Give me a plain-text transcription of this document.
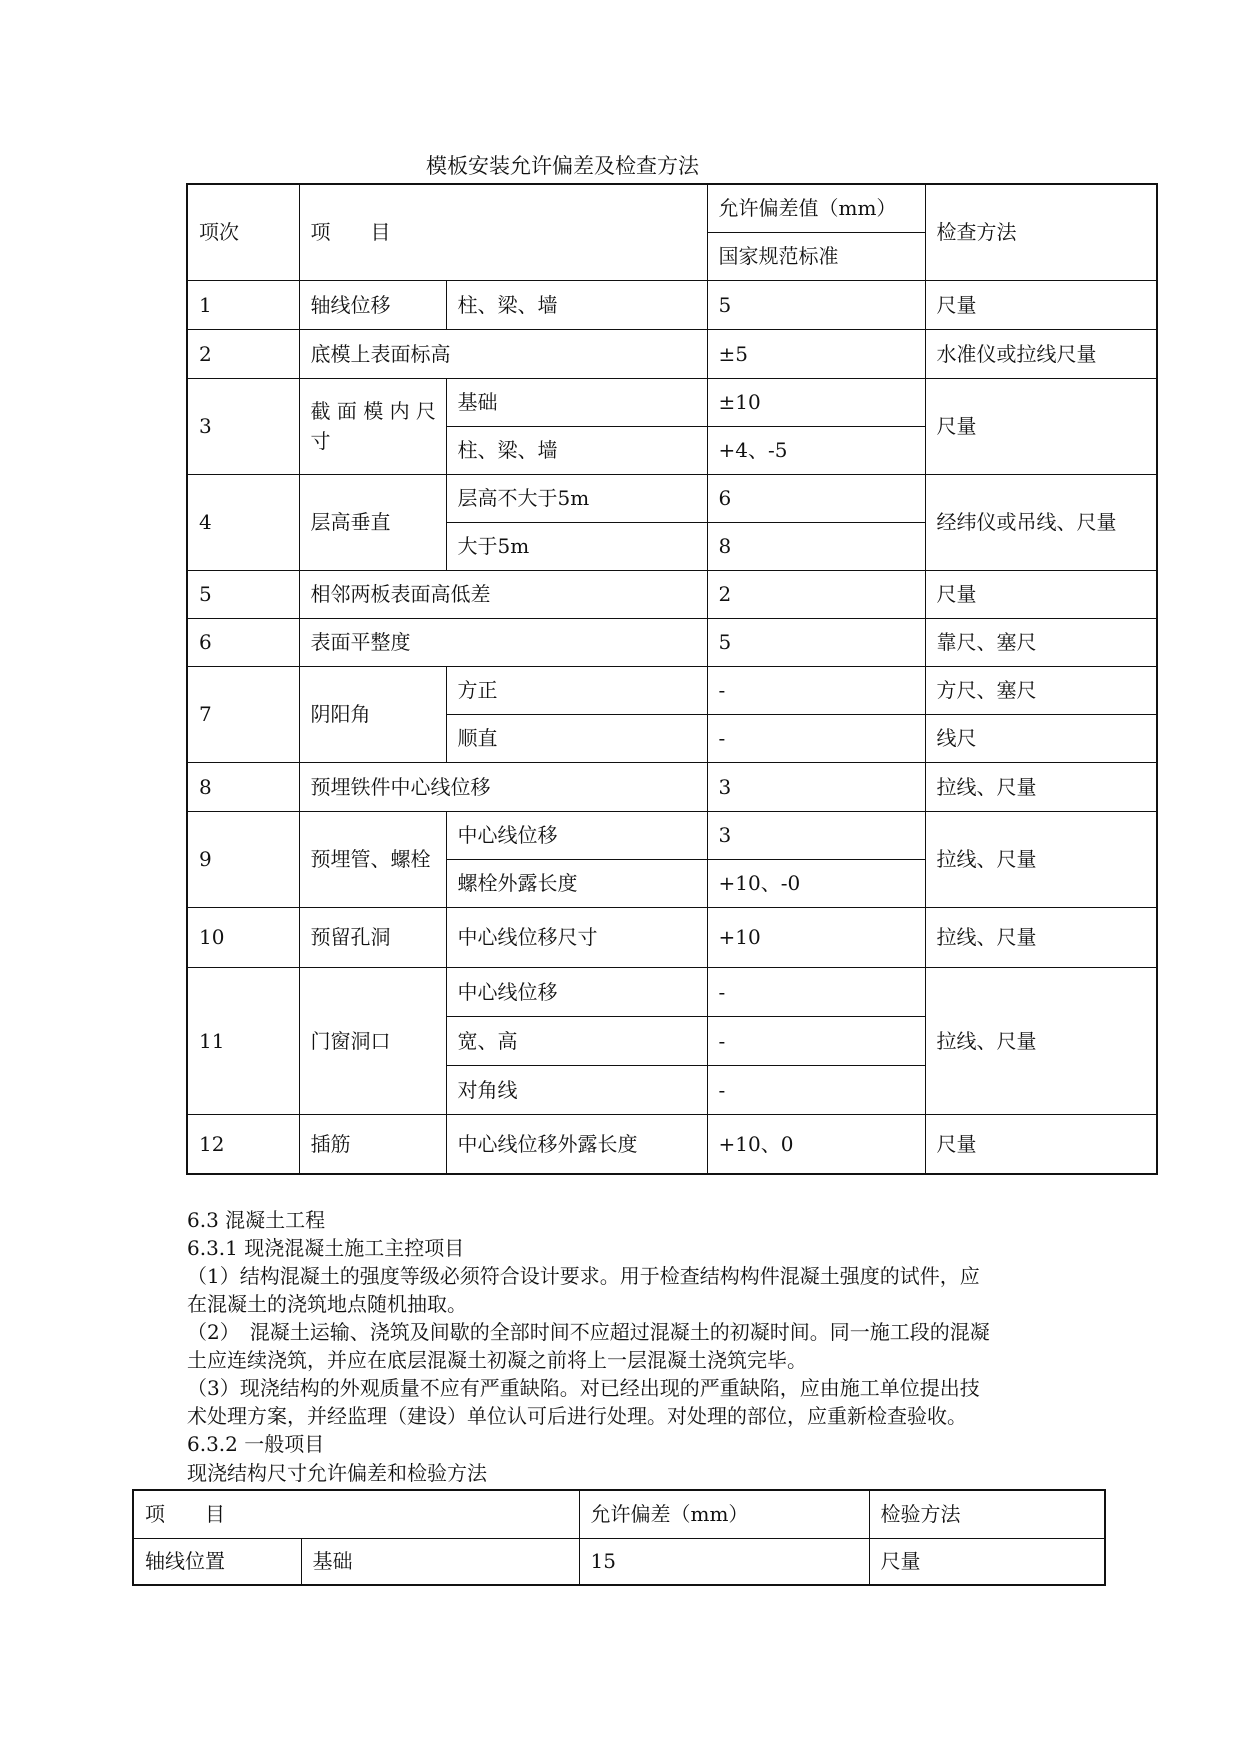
模板安装允许偏差及检查方法
项次	项　　目		允许偏差值（mm）	检查方法
			国家规范标准	
1	轴线位移	柱、梁、墙	5	尺量
2	底模上表面标高		±5	水准仪或拉线尺量
3	截 面 模 内 尺 寸	基础	±10	尺量
		柱、梁、墙	+4、-5	
4	层高垂直	层高不大于5m	6	经纬仪或吊线、尺量
		大于5m	8	
5	相邻两板表面高低差		2	尺量
6	表面平整度		5	靠尺、塞尺
7	阴阳角	方正	-	方尺、塞尺
		顺直	-	线尺
8	预埋铁件中心线位移		3	拉线、尺量
9	预埋管、螺栓	中心线位移	3	拉线、尺量
		螺栓外露长度	+10、-0	
10	预留孔洞	中心线位移尺寸	+10	拉线、尺量
11	门窗洞口	中心线位移	-	拉线、尺量
		宽、高	-	
		对角线	-	
12	插筋	中心线位移外露长度	+10、0	尺量
6.3 混凝土工程
6.3.1 现浇混凝土施工主控项目
（1）结构混凝土的强度等级必须符合设计要求。用于检查结构构件混凝土强度的试件，应
在混凝土的浇筑地点随机抽取。
（2）　混凝土运输、浇筑及间歇的全部时间不应超过混凝土的初凝时间。同一施工段的混凝
土应连续浇筑，并应在底层混凝土初凝之前将上一层混凝土浇筑完毕。
（3）现浇结构的外观质量不应有严重缺陷。对已经出现的严重缺陷，应由施工单位提出技
术处理方案，并经监理（建设）单位认可后进行处理。对处理的部位，应重新检查验收。
6.3.2 一般项目
现浇结构尺寸允许偏差和检验方法
项　　目		允许偏差（mm）	检验方法
轴线位置	基础	15	尺量
